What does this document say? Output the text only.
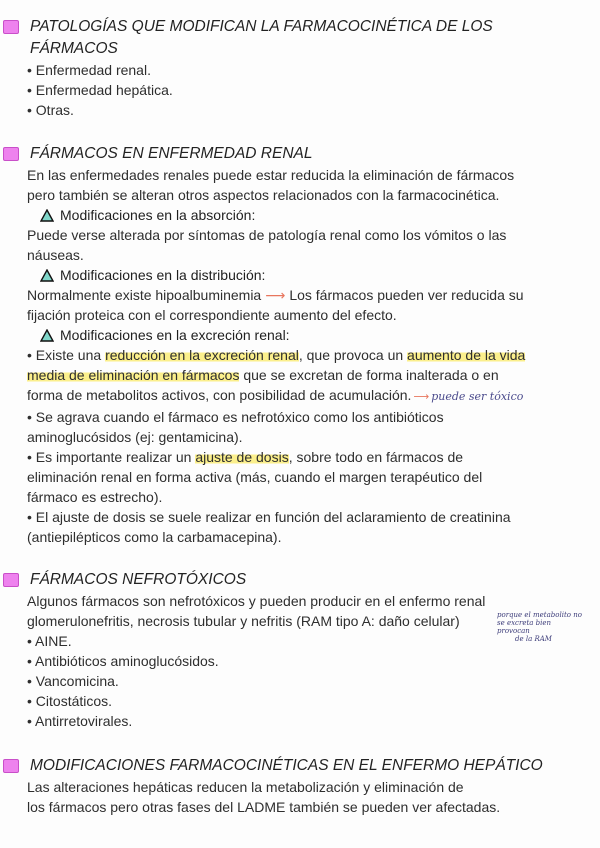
PATOLOGÍAS QUE MODIFICAN LA FARMACOCINÉTICA DE LOS
FÁRMACOS
• Enfermedad renal.
• Enfermedad hepática.
• Otras.
FÁRMACOS EN ENFERMEDAD RENAL
En las enfermedades renales puede estar reducida la eliminación de fármacos
pero también se alteran otros aspectos relacionados con la farmacocinética.
Modificaciones en la absorción:
Puede verse alterada por síntomas de patología renal como los vómitos o las
náuseas.
Modificaciones en la distribución:
Normalmente existe hipoalbuminemia ⟶ Los fármacos pueden ver reducida su
fijación proteica con el correspondiente aumento del efecto.
Modificaciones en la excreción renal:
• Existe una reducción en la excreción renal, que provoca un aumento de la vida
media de eliminación en fármacos que se excretan de forma inalterada o en
forma de metabolitos activos, con posibilidad de acumulación. ⟶ puede ser tóxico
• Se agrava cuando el fármaco es nefrotóxico como los antibióticos
aminoglucósidos (ej: gentamicina).
• Es importante realizar un ajuste de dosis, sobre todo en fármacos de
eliminación renal en forma activa (más, cuando el margen terapéutico del
fármaco es estrecho).
• El ajuste de dosis se suele realizar en función del aclaramiento de creatinina
(antiepilépticos como la carbamacepina).
FÁRMACOS NEFROTÓXICOS
Algunos fármacos son nefrotóxicos y pueden producir en el enfermo renal
glomerulonefritis, necrosis tubular y nefritis (RAM tipo A: daño celular)	porque el metabolito no
se excreta bien provocan
de la RAM
• AINE.
• Antibióticos aminoglucósidos.
• Vancomicina.
• Citostáticos.
• Antirretovirales.
MODIFICACIONES FARMACOCINÉTICAS EN EL ENFERMO HEPÁTICO
Las alteraciones hepáticas reducen la metabolización y eliminación de
los fármacos pero otras fases del LADME también se pueden ver afectadas.
